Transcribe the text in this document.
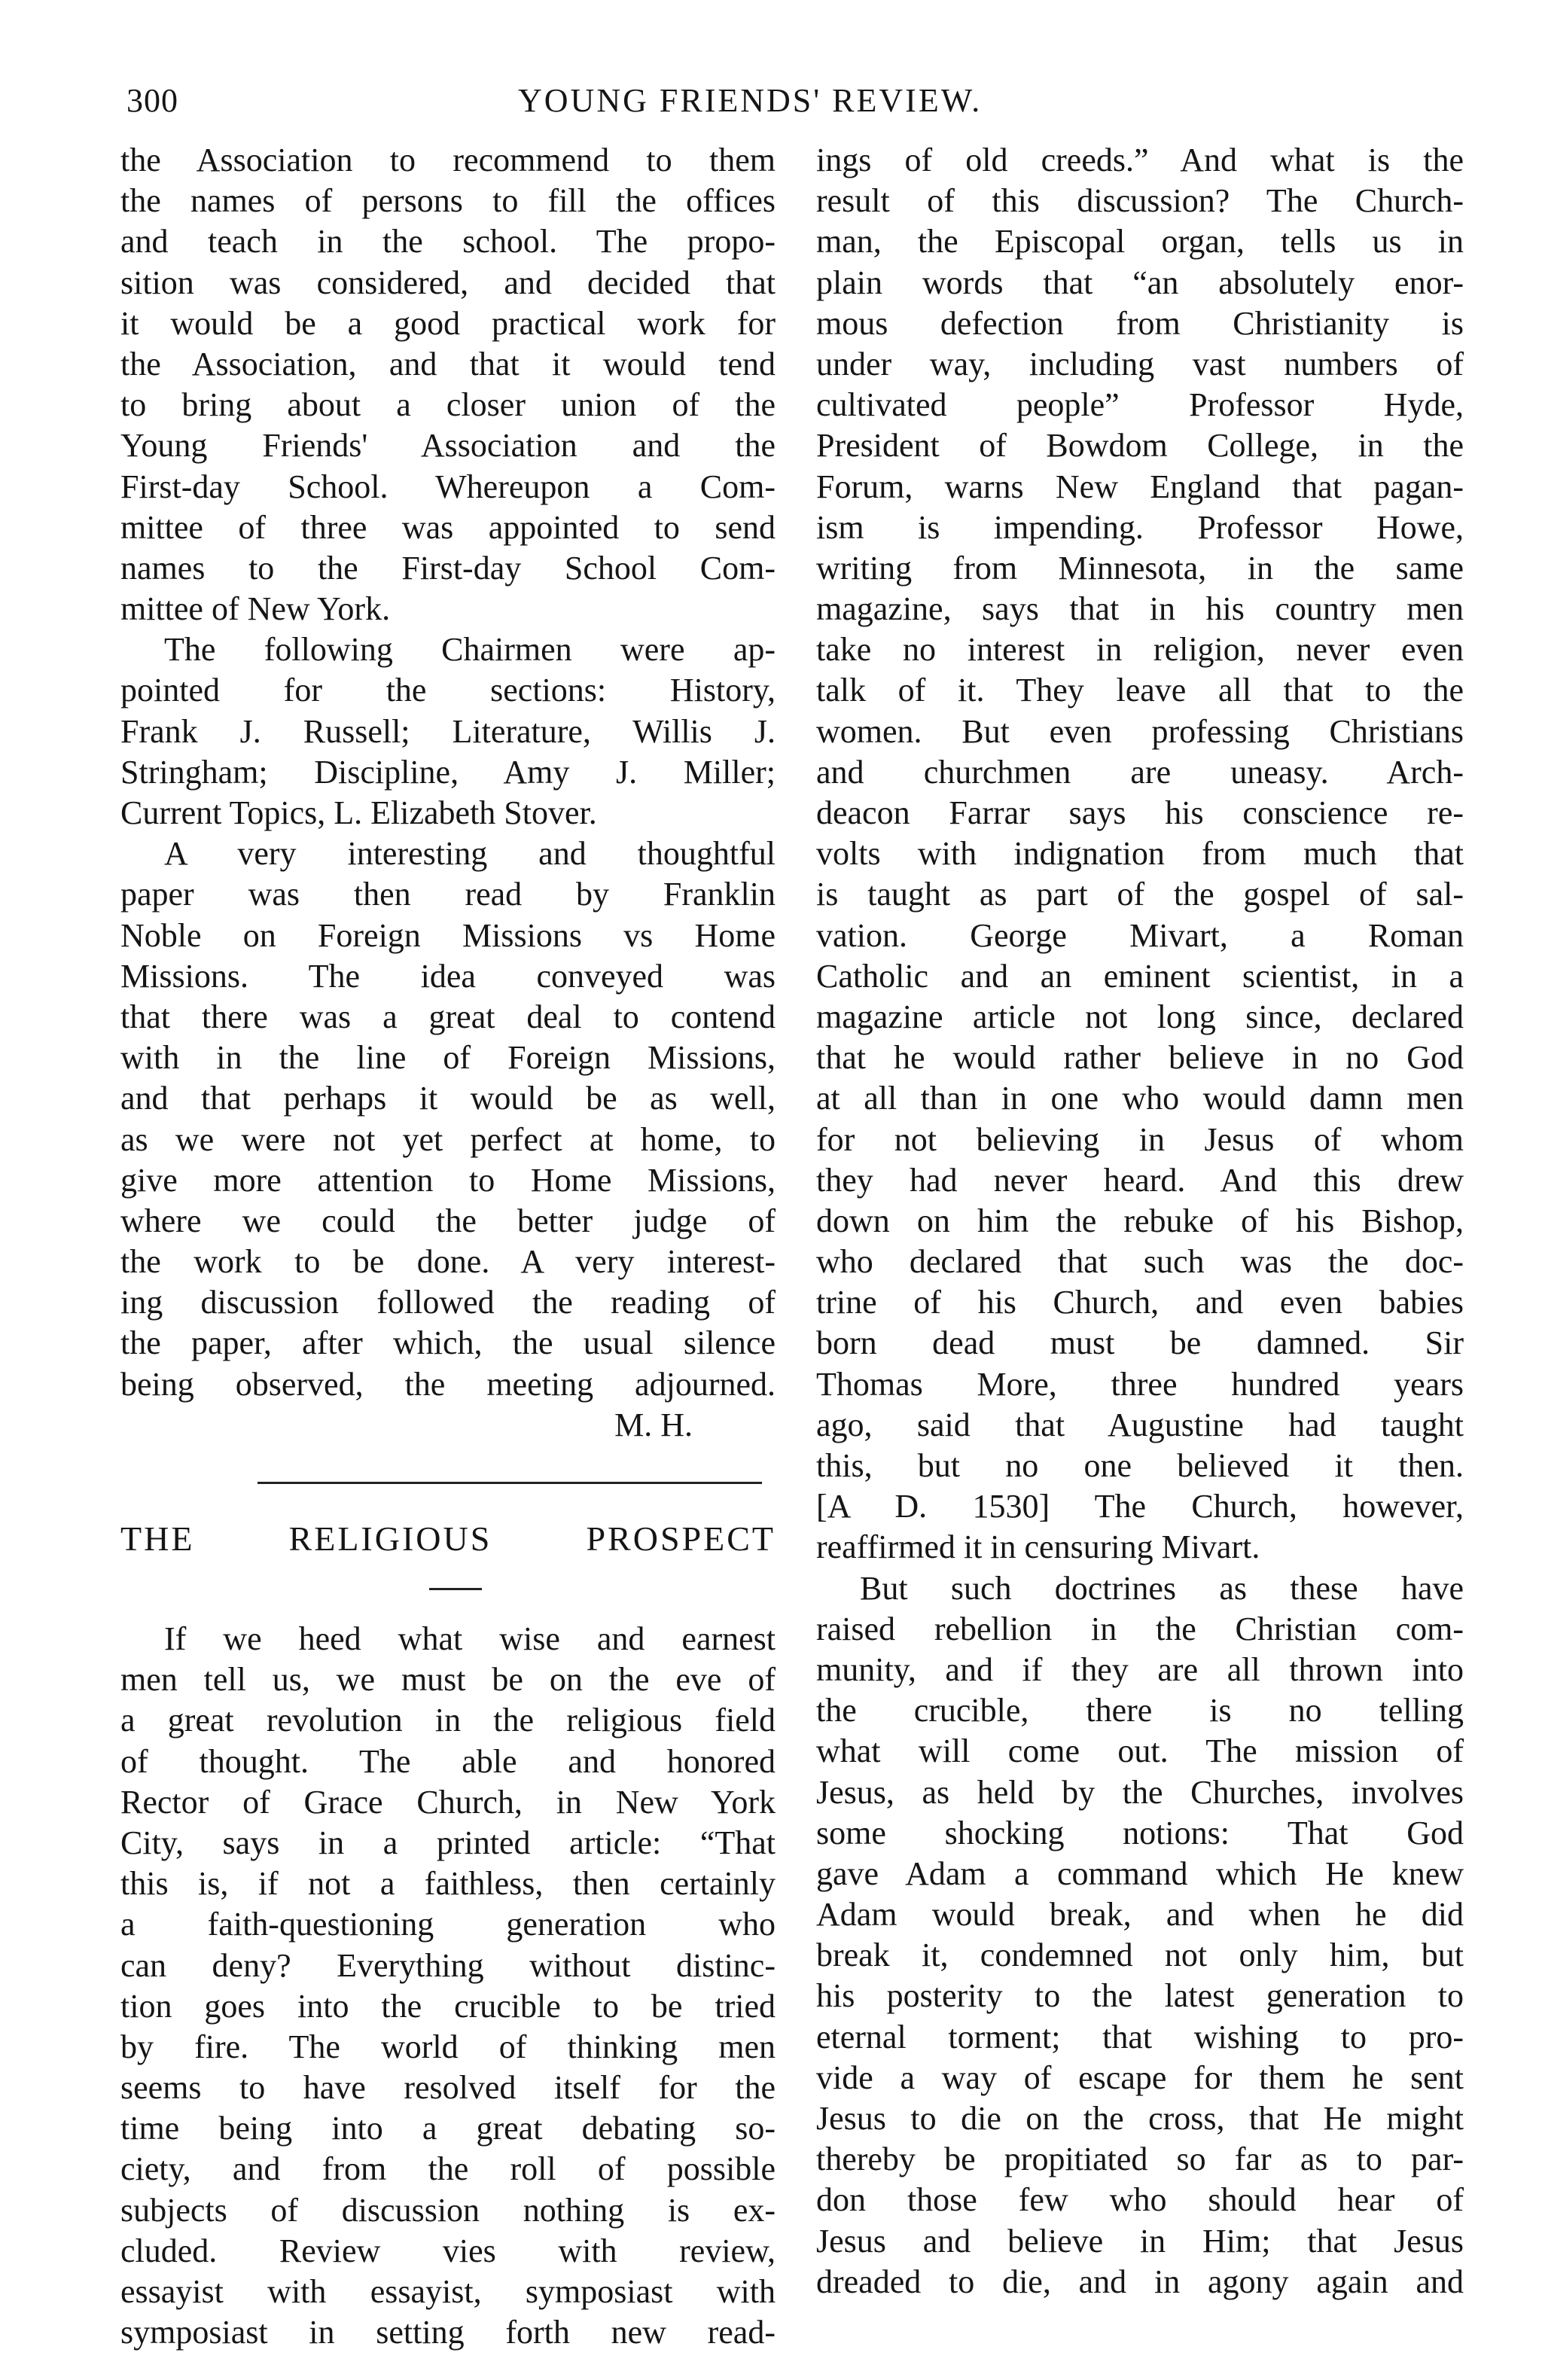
300	YOUNG FRIENDS' REVIEW.
the Association to recommend to them
the names of persons to fill the offices
and teach in the school. The propo-
sition was considered, and decided that
it would be a good practical work for
the Association, and that it would tend
to bring about a closer union of the
Young Friends' Association and the
First-day School. Whereupon a Com-
mittee of three was appointed to send
names to the First-day School Com-
mittee of New York.
The following Chairmen were ap-
pointed for the sections: History,
Frank J. Russell; Literature, Willis J.
Stringham; Discipline, Amy J. Miller;
Current Topics, L. Elizabeth Stover.
A very interesting and thoughtful
paper was then read by Franklin
Noble on Foreign Missions vs Home
Missions. The idea conveyed was
that there was a great deal to contend
with in the line of Foreign Missions,
and that perhaps it would be as well,
as we were not yet perfect at home, to
give more attention to Home Missions,
where we could the better judge of
the work to be done. A very interest-
ing discussion followed the reading of
the paper, after which, the usual silence
being observed, the meeting adjourned.
M. H.
THE RELIGIOUS PROSPECT
If we heed what wise and earnest
men tell us, we must be on the eve of
a great revolution in the religious field
of thought. The able and honored
Rector of Grace Church, in New York
City, says in a printed article: “That
this is, if not a faithless, then certainly
a faith-questioning generation who
can deny? Everything without distinc-
tion goes into the crucible to be tried
by fire. The world of thinking men
seems to have resolved itself for the
time being into a great debating so-
ciety, and from the roll of possible
subjects of discussion nothing is ex-
cluded. Review vies with review,
essayist with essayist, symposiast with
symposiast in setting forth new read-
ings of old creeds.” And what is the
result of this discussion? The Church-
man, the Episcopal organ, tells us in
plain words that “an absolutely enor-
mous defection from Christianity is
under way, including vast numbers of
cultivated people” Professor Hyde,
President of Bowdom College, in the
Forum, warns New England that pagan-
ism is impending. Professor Howe,
writing from Minnesota, in the same
magazine, says that in his country men
take no interest in religion, never even
talk of it. They leave all that to the
women. But even professing Christians
and churchmen are uneasy. Arch-
deacon Farrar says his conscience re-
volts with indignation from much that
is taught as part of the gospel of sal-
vation. George Mivart, a Roman
Catholic and an eminent scientist, in a
magazine article not long since, declared
that he would rather believe in no God
at all than in one who would damn men
for not believing in Jesus of whom
they had never heard. And this drew
down on him the rebuke of his Bishop,
who declared that such was the doc-
trine of his Church, and even babies
born dead must be damned. Sir
Thomas More, three hundred years
ago, said that Augustine had taught
this, but no one believed it then.
[A D. 1530] The Church, however,
reaffirmed it in censuring Mivart.
But such doctrines as these have
raised rebellion in the Christian com-
munity, and if they are all thrown into
the crucible, there is no telling
what will come out. The mission of
Jesus, as held by the Churches, involves
some shocking notions: That God
gave Adam a command which He knew
Adam would break, and when he did
break it, condemned not only him, but
his posterity to the latest generation to
eternal torment; that wishing to pro-
vide a way of escape for them he sent
Jesus to die on the cross, that He might
thereby be propitiated so far as to par-
don those few who should hear of
Jesus and believe in Him; that Jesus
dreaded to die, and in agony again and
